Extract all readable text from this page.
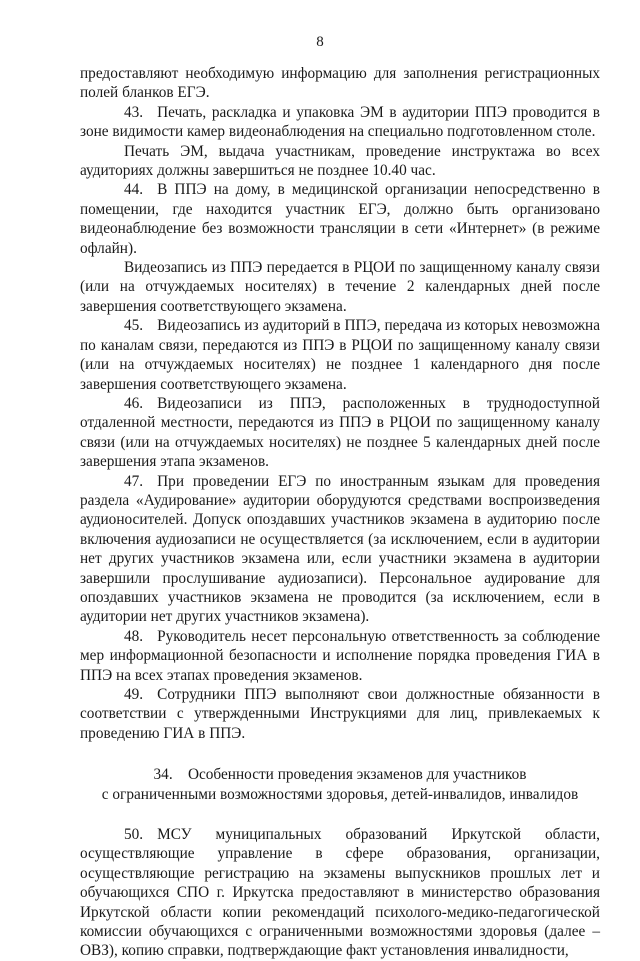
8

предоставляют необходимую информацию для заполнения регистрационных полей бланков ЕГЭ.

43. Печать, раскладка и упаковка ЭМ в аудитории ППЭ проводится в зоне видимости камер видеонаблюдения на специально подготовленном столе.

Печать ЭМ, выдача участникам, проведение инструктажа во всех аудиториях должны завершиться не позднее 10.40 час.

44. В ППЭ на дому, в медицинской организации непосредственно в помещении, где находится участник ЕГЭ, должно быть организовано видеонаблюдение без возможности трансляции в сети «Интернет» (в режиме офлайн).

Видеозапись из ППЭ передается в РЦОИ по защищенному каналу связи (или на отчуждаемых носителях) в течение 2 календарных дней после завершения соответствующего экзамена.

45. Видеозапись из аудиторий в ППЭ, передача из которых невозможна по каналам связи, передаются из ППЭ в РЦОИ по защищенному каналу связи (или на отчуждаемых носителях) не позднее 1 календарного дня после завершения соответствующего экзамена.

46. Видеозаписи из ППЭ, расположенных в труднодоступной отдаленной местности, передаются из ППЭ в РЦОИ по защищенному каналу связи (или на отчуждаемых носителях) не позднее 5 календарных дней после завершения этапа экзаменов.

47. При проведении ЕГЭ по иностранным языкам для проведения раздела «Аудирование» аудитории оборудуются средствами воспроизведения аудионосителей. Допуск опоздавших участников экзамена в аудиторию после включения аудиозаписи не осуществляется (за исключением, если в аудитории нет других участников экзамена или, если участники экзамена в аудитории завершили прослушивание аудиозаписи). Персональное аудирование для опоздавших участников экзамена не проводится (за исключением, если в аудитории нет других участников экзамена).

48. Руководитель несет персональную ответственность за соблюдение мер информационной безопасности и исполнение порядка проведения ГИА в ППЭ на всех этапах проведения экзаменов.

49. Сотрудники ППЭ выполняют свои должностные обязанности в соответствии с утвержденными Инструкциями для лиц, привлекаемых к проведению ГИА в ППЭ.

34.    Особенности проведения экзаменов для участников
с ограниченными возможностями здоровья, детей-инвалидов, инвалидов

50. МСУ муниципальных образований Иркутской области, осуществляющие управление в сфере образования, организации, осуществляющие регистрацию на экзамены выпускников прошлых лет и обучающихся СПО г. Иркутска предоставляют в министерство образования Иркутской области копии рекомендаций психолого-медико-педагогической комиссии обучающихся с ограниченными возможностями здоровья (далее – ОВЗ), копию справки, подтверждающие факт установления инвалидности,
